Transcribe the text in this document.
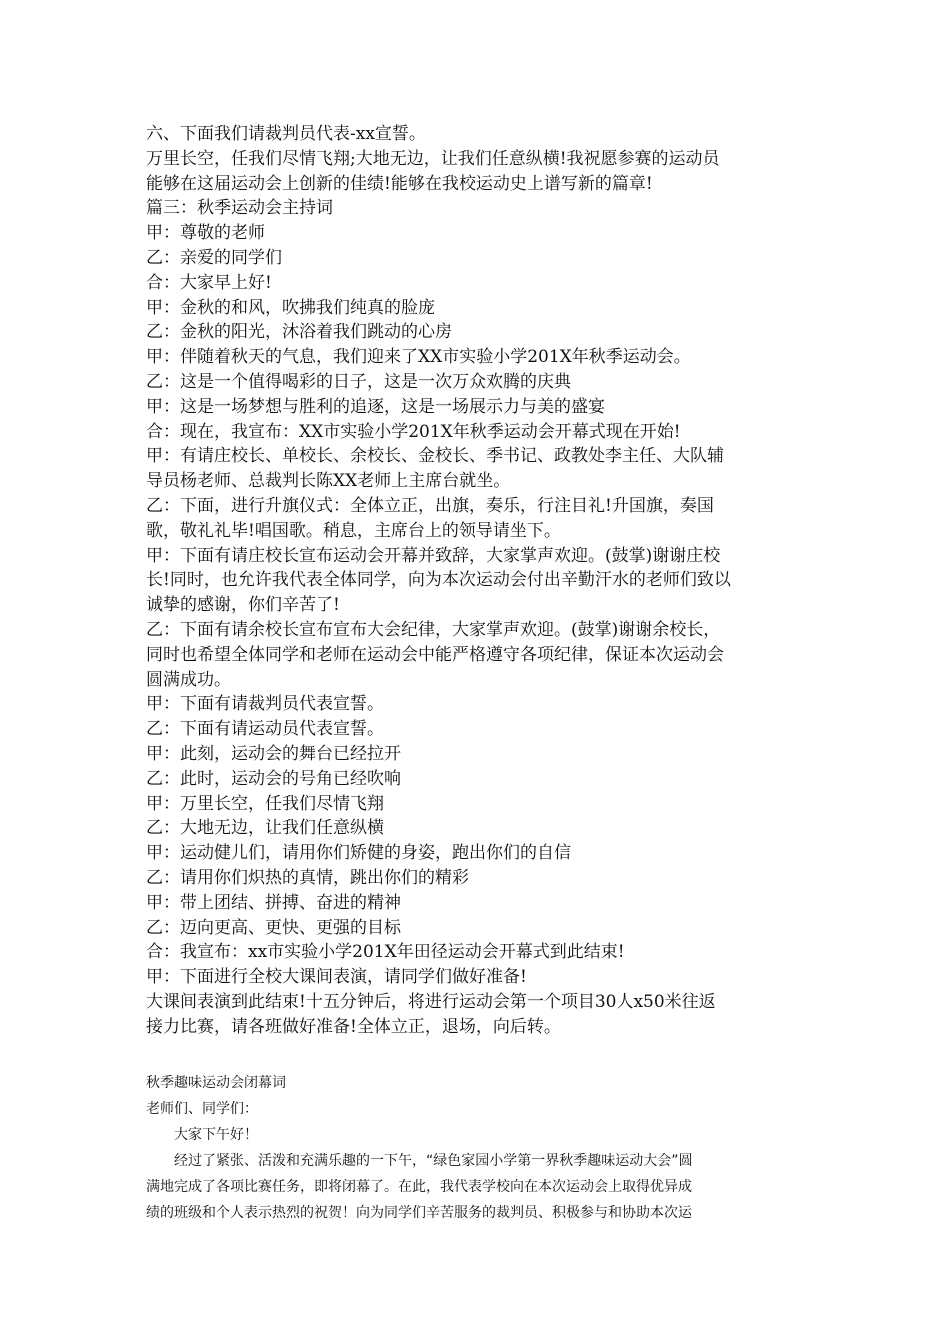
六、下面我们请裁判员代表-xx宣誓。
万里长空，任我们尽情飞翔;大地无边，让我们任意纵横!我祝愿参赛的运动员
能够在这届运动会上创新的佳绩!能够在我校运动史上谱写新的篇章!
篇三：秋季运动会主持词
甲：尊敬的老师
乙：亲爱的同学们
合：大家早上好!
甲：金秋的和风，吹拂我们纯真的脸庞
乙：金秋的阳光，沐浴着我们跳动的心房
甲：伴随着秋天的气息，我们迎来了XX市实验小学201X年秋季运动会。
乙：这是一个值得喝彩的日子，这是一次万众欢腾的庆典
甲：这是一场梦想与胜利的追逐，这是一场展示力与美的盛宴
合：现在，我宣布：XX市实验小学201X年秋季运动会开幕式现在开始!
甲：有请庄校长、单校长、余校长、金校长、季书记、政教处李主任、大队辅
导员杨老师、总裁判长陈XX老师上主席台就坐。
乙：下面，进行升旗仪式：全体立正，出旗，奏乐，行注目礼!升国旗，奏国
歌，敬礼礼毕!唱国歌。稍息，主席台上的领导请坐下。
甲：下面有请庄校长宣布运动会开幕并致辞，大家掌声欢迎。(鼓掌)谢谢庄校
长!同时，也允许我代表全体同学，向为本次运动会付出辛勤汗水的老师们致以
诚挚的感谢，你们辛苦了!
乙：下面有请余校长宣布宣布大会纪律，大家掌声欢迎。(鼓掌)谢谢余校长，
同时也希望全体同学和老师在运动会中能严格遵守各项纪律，保证本次运动会
圆满成功。
甲：下面有请裁判员代表宣誓。
乙：下面有请运动员代表宣誓。
甲：此刻，运动会的舞台已经拉开
乙：此时，运动会的号角已经吹响
甲：万里长空，任我们尽情飞翔
乙：大地无边，让我们任意纵横
甲：运动健儿们，请用你们矫健的身姿，跑出你们的自信
乙：请用你们炽热的真情，跳出你们的精彩
甲：带上团结、拼搏、奋进的精神
乙：迈向更高、更快、更强的目标
合：我宣布：xx市实验小学201X年田径运动会开幕式到此结束!
甲：下面进行全校大课间表演，请同学们做好准备!
大课间表演到此结束!十五分钟后，将进行运动会第一个项目30人x50米往返
接力比赛，请各班做好准备!全体立正，退场，向后转。
秋季趣味运动会闭幕词
老师们、同学们：
大家下午好！
经过了紧张、活泼和充满乐趣的一下午，“绿色家园小学第一界秋季趣味运动大会”圆
满地完成了各项比赛任务，即将闭幕了。在此，我代表学校向在本次运动会上取得优异成
绩的班级和个人表示热烈的祝贺！向为同学们辛苦服务的裁判员、积极参与和协助本次运
